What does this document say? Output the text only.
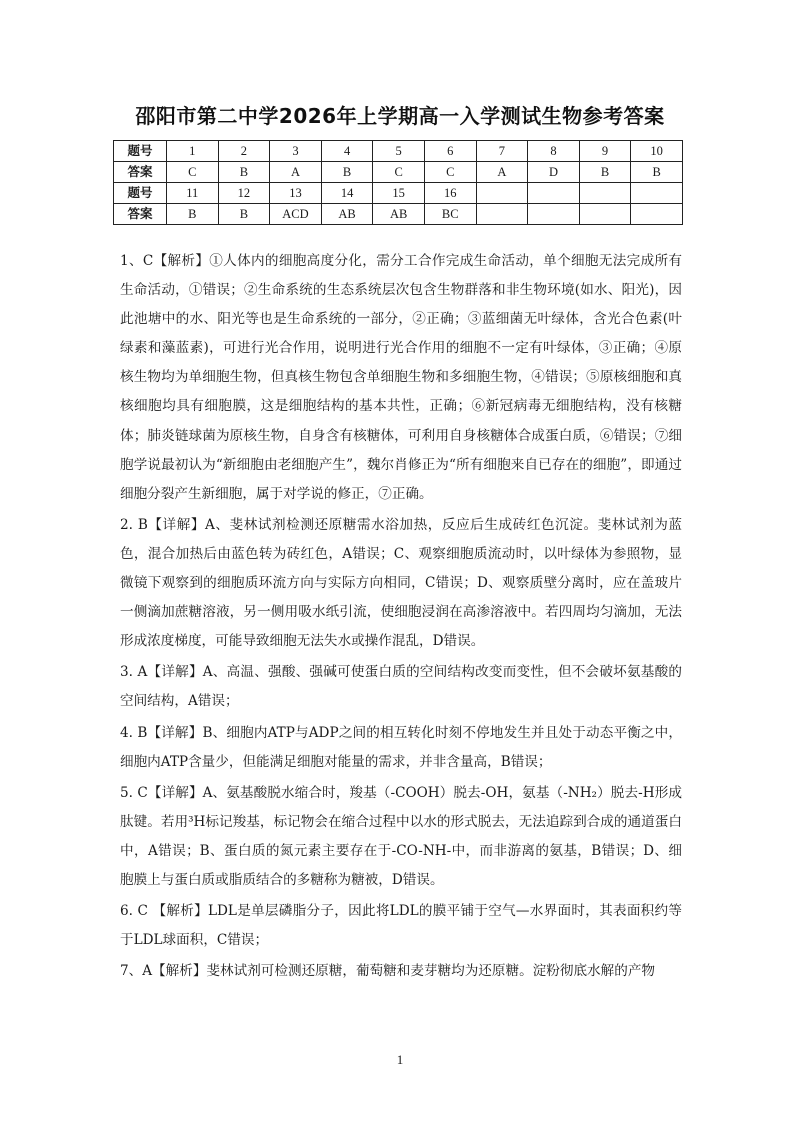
邵阳市第二中学2026年上学期高一入学测试生物参考答案
题号	1	2	3	4	5	6	7	8	9	10
答案	C	B	A	B	C	C	A	D	B	B
题号	11	12	13	14	15	16				
答案	B	B	ACD	AB	AB	BC				

1、C【解析】①人体内的细胞高度分化，需分工合作完成生命活动，单个细胞无法完成所有生命活动，①错误；②生命系统的生态系统层次包含生物群落和非生物环境(如水、阳光)，因此池塘中的水、阳光等也是生命系统的一部分，②正确；③蓝细菌无叶绿体，含光合色素(叶绿素和藻蓝素)，可进行光合作用，说明进行光合作用的细胞不一定有叶绿体，③正确；④原核生物均为单细胞生物，但真核生物包含单细胞生物和多细胞生物，④错误；⑤原核细胞和真核细胞均具有细胞膜，这是细胞结构的基本共性，正确；⑥新冠病毒无细胞结构，没有核糖体；肺炎链球菌为原核生物，自身含有核糖体，可利用自身核糖体合成蛋白质，⑥错误；⑦细胞学说最初认为“新细胞由老细胞产生”，魏尔肖修正为“所有细胞来自已存在的细胞”，即通过细胞分裂产生新细胞，属于对学说的修正，⑦正确。

2. B【详解】A、斐林试剂检测还原糖需水浴加热，反应后生成砖红色沉淀。斐林试剂为蓝色，混合加热后由蓝色转为砖红色，A错误；C、观察细胞质流动时，以叶绿体为参照物，显微镜下观察到的细胞质环流方向与实际方向相同，C错误；D、观察质壁分离时，应在盖玻片一侧滴加蔗糖溶液，另一侧用吸水纸引流，使细胞浸润在高渗溶液中。若四周均匀滴加，无法形成浓度梯度，可能导致细胞无法失水或操作混乱，D错误。

3. A【详解】A、高温、强酸、强碱可使蛋白质的空间结构改变而变性，但不会破坏氨基酸的空间结构，A错误；

4. B【详解】B、细胞内ATP与ADP之间的相互转化时刻不停地发生并且处于动态平衡之中，细胞内ATP含量少，但能满足细胞对能量的需求，并非含量高，B错误；

5. C【详解】A、氨基酸脱水缩合时，羧基（-COOH）脱去-OH，氨基（-NH₂）脱去-H形成肽键。若用³H标记羧基，标记物会在缩合过程中以水的形式脱去，无法追踪到合成的通道蛋白中，A错误；B、蛋白质的氮元素主要存在于-CO-NH-中，而非游离的氨基，B错误；D、细胞膜上与蛋白质或脂质结合的多糖称为糖被，D错误。

6. C 【解析】LDL是单层磷脂分子，因此将LDL的膜平铺于空气—水界面时，其表面积约等于LDL球面积，C错误；

7、A【解析】斐林试剂可检测还原糖，葡萄糖和麦芽糖均为还原糖。淀粉彻底水解的产物

1
